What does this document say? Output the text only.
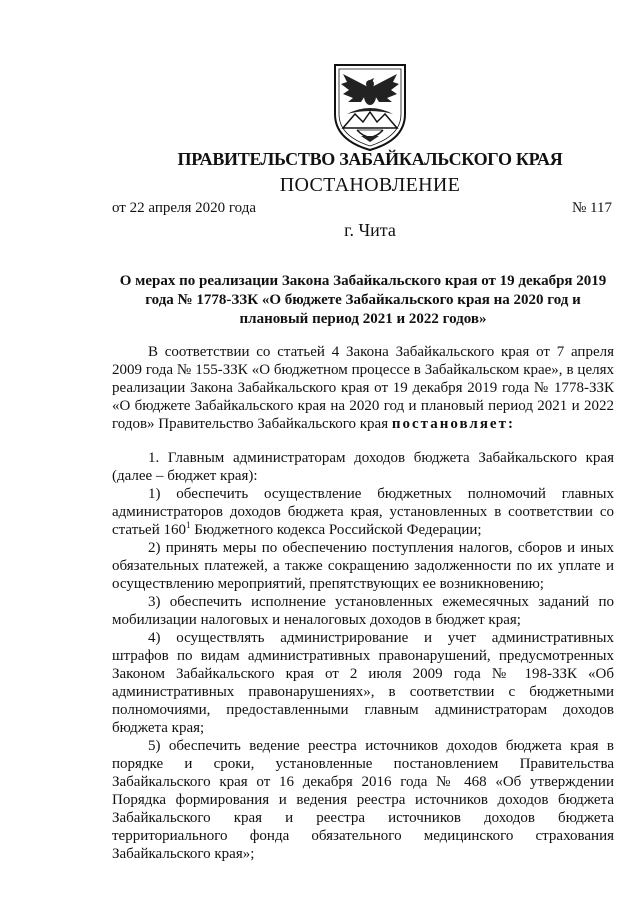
ПРАВИТЕЛЬСТВО ЗАБАЙКАЛЬСКОГО КРАЯ
ПОСТАНОВЛЕНИЕ
от 22 апреля 2020 года	№ 117
г. Чита
О мерах по реализации Закона Забайкальского края от 19 декабря 2019 года № 1778-ЗЗК «О бюджете Забайкальского края на 2020 год и плановый период 2021 и 2022 годов»

В соответствии со статьей 4 Закона Забайкальского края от 7 апреля 2009 года № 155-ЗЗК «О бюджетном процессе в Забайкальском крае», в целях реализации Закона Забайкальского края от 19 декабря 2019 года № 1778-ЗЗК «О бюджете Забайкальского края на 2020 год и плановый период 2021 и 2022 годов» Правительство Забайкальского края постановляет:

1. Главным администраторам доходов бюджета Забайкальского края (далее – бюджет края):

1) обеспечить осуществление бюджетных полномочий главных администраторов доходов бюджета края, установленных в соответствии со статьей $160^1$ Бюджетного кодекса Российской Федерации;

2) принять меры по обеспечению поступления налогов, сборов и иных обязательных платежей, а также сокращению задолженности по их уплате и осуществлению мероприятий, препятствующих ее возникновению;

3) обеспечить исполнение установленных ежемесячных заданий по мобилизации налоговых и неналоговых доходов в бюджет края;

4) осуществлять администрирование и учет административных штрафов по видам административных правонарушений, предусмотренных Законом Забайкальского края от 2 июля 2009 года № 198-ЗЗК «Об административных правонарушениях», в соответствии с бюджетными полномочиями, предоставленными главным администраторам доходов бюджета края;

5) обеспечить ведение реестра источников доходов бюджета края в порядке и сроки, установленные постановлением Правительства Забайкальского края от 16 декабря 2016 года № 468 «Об утверждении Порядка формирования и ведения реестра источников доходов бюджета Забайкальского края и реестра источников доходов бюджета территориального фонда обязательного медицинского страхования Забайкальского края»;
